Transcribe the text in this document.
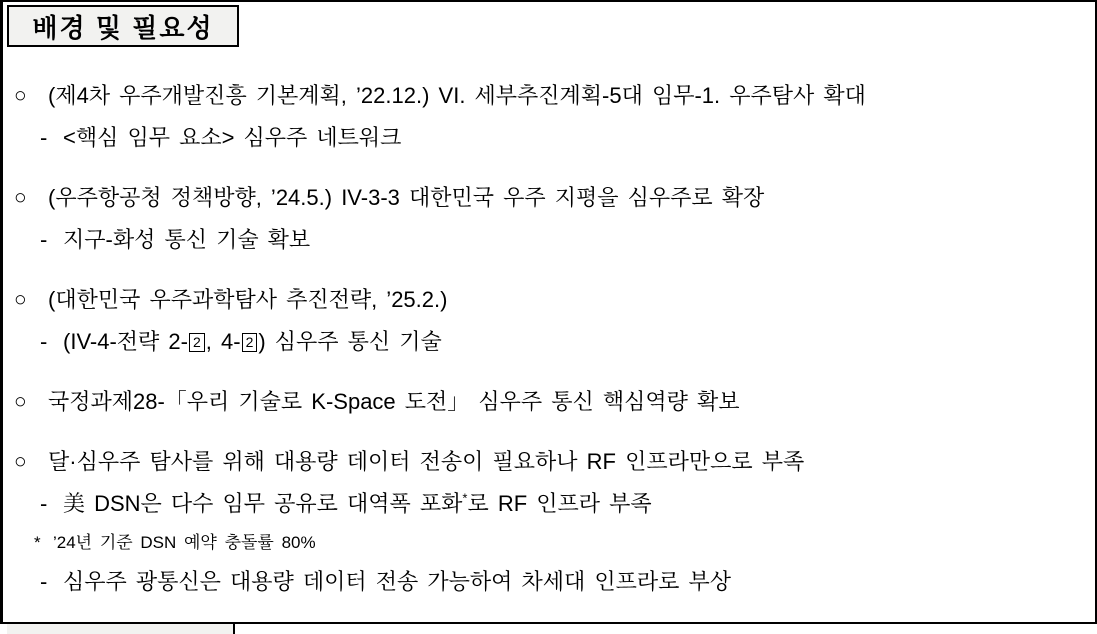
배경 및 필요성
○ (제4차 우주개발진흥 기본계획, ’22.12.) VI. 세부추진계획-5대 임무-1. 우주탐사 확대
- <핵심 임무 요소> 심우주 네트워크
○ (우주항공청 정책방향, ’24.5.) IV-3-3 대한민국 우주 지평을 심우주로 확장
- 지구-화성 통신 기술 확보
○ (대한민국 우주과학탐사 추진전략, ’25.2.)
- (IV-4-전략 2- 2 , 4- 2 ) 심우주 통신 기술
○ 국정과제28-「우리 기술로 K-Space 도전」 심우주 통신 핵심역량 확보
○ 달·심우주 탐사를 위해 대용량 데이터 전송이 필요하나 RF 인프라만으로 부족
- 美 DSN은 다수 임무 공유로 대역폭 포화*로 RF 인프라 부족
* ’24년 기준 DSN 예약 충돌률 80%
- 심우주 광통신은 대용량 데이터 전송 가능하여 차세대 인프라로 부상
